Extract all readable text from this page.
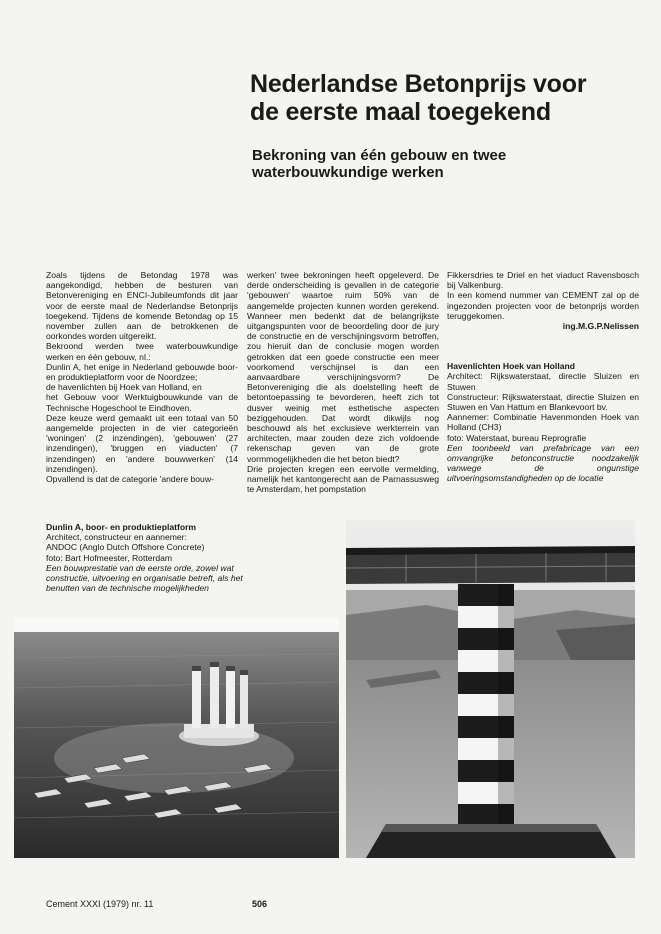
Nederlandse Betonprijs voor
de eerste maal toegekend
Bekroning van één gebouw en twee
waterbouwkundige werken

Zoals tijdens de Betondag 1978 was aangekondigd, hebben de besturen van Betonvereniging en ENCI-Jubileumfonds dit jaar voor de eerste maal de Nederlandse Betonprijs toegekend. Tijdens de komende Betondag op 15 november zullen aan de betrokkenen de oorkondes worden uitgereikt.

Bekroond werden twee waterbouwkundige werken en één gebouw, nl.:

Dunlin A, het enige in Nederland gebouwde boor- en produktieplatform voor de Noordzee;

de havenlichten bij Hoek van Holland, en

het Gebouw voor Werktuigbouwkunde van de Technische Hogeschool te Eindhoven.

Deze keuze werd gemaakt uit een totaal van 50 aangemelde projecten in de vier categorieën 'woningen' (2 inzendingen), 'gebouwen' (27 inzendingen), 'bruggen en viaducten' (7 inzendingen) en 'andere bouwwerken' (14 inzendingen).

Opvallend is dat de categorie 'andere bouw-

werken' twee bekroningen heeft opgeleverd. De derde onderscheiding is gevallen in de categorie 'gebouwen' waartoe ruim 50% van de aangemelde projecten kunnen worden gerekend. Wanneer men bedenkt dat de belangrijkste uitgangspunten voor de beoordeling door de jury de constructie en de verschijningsvorm betroffen, zou hieruit dan de conclusie mogen worden getrokken dat een goede constructie een meer voorkomend verschijnsel is dan een aanvaardbare verschijningsvorm? De Betonvereniging die als doelstelling heeft de betontoepassing te bevorderen, heeft zich tot dusver weinig met esthetische aspecten beziggehouden. Dat wordt dikwijls nog beschouwd als het exclusieve werkterrein van architecten, maar zouden deze zich voldoende rekenschap geven van de grote vormmogelijkheden die het beton biedt?

Drie projecten kregen een eervolle vermelding, namelijk het kantongerecht aan de Parnassusweg te Amsterdam, het pompstation

Fikkersdries te Driel en het viaduct Ravensbosch bij Valkenburg.

In een komend nummer van CEMENT zal op de ingezonden projecten voor de betonprijs worden teruggekomen.

ing.M.G.P.Nelissen

Havenlichten Hoek van Holland

Architect: Rijkswaterstaat, directie Sluizen en Stuwen

Constructeur: Rijkswaterstaat, directie Sluizen en Stuwen en Van Hattum en Blankevoort bv.

Aannemer: Combinatie Havenmonden Hoek van Holland (CH3)

foto: Waterstaat, bureau Reprografie

Een toonbeeld van prefabricage van een omvangrijke betonconstructie noodzakelijk vanwege de ongunstige uitvoeringsomstandigheden op de locatie

Dunlin A, boor- en produktieplatform

Architect, constructeur en aannemer:

ANDOC (Anglo Dutch Offshore Concrete)

foto: Bart Hofmeester, Rotterdam

Een bouwprestatie van de eerste orde, zowel wat constructie, uitvoering en organisatie betreft, als het benutten van de technische mogelijkheden

Cement XXXI (1979) nr. 11	506
